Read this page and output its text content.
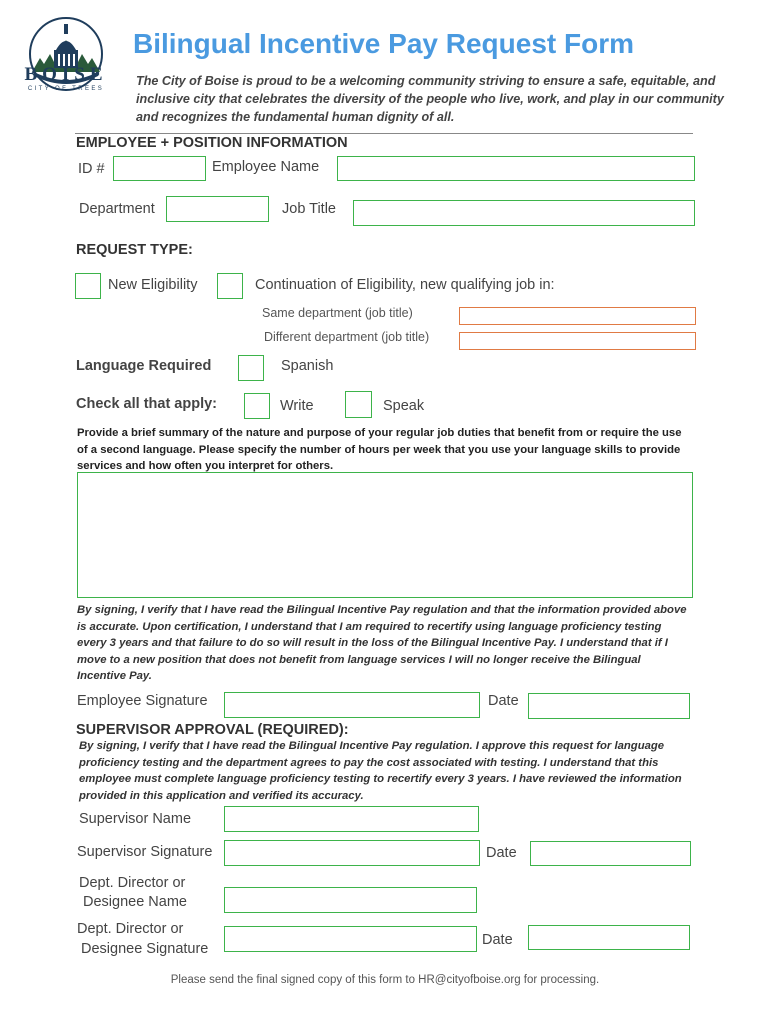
BOISE
CITY OF TREES
Bilingual Incentive Pay Request Form
The City of Boise is proud to be a welcoming community striving to ensure a safe, equitable, and inclusive city that celebrates the diversity of the people who live, work, and play in our community and recognizes the fundamental human dignity of all.
EMPLOYEE + POSITION INFORMATION
ID #	Employee Name
Department	Job Title
REQUEST TYPE:
New Eligibility	Continuation of Eligibility, new qualifying job in:
Same department (job title)
Different department (job title)
Language Required	Spanish
Check all that apply:	Write	Speak
Provide a brief summary of the nature and purpose of your regular job duties that benefit from or require the use of a second language. Please specify the number of hours per week that you use your language skills to provide services and how often you interpret for others.
By signing, I verify that I have read the Bilingual Incentive Pay regulation and that the information provided above is accurate. Upon certification, I understand that I am required to recertify using language proficiency testing every 3 years and that failure to do so will result in the loss of the Bilingual Incentive Pay. I understand that if I move to a new position that does not benefit from language services I will no longer receive the Bilingual Incentive Pay.
Employee Signature	Date
SUPERVISOR APPROVAL (REQUIRED):
By signing, I verify that I have read the Bilingual Incentive Pay regulation. I approve this request for language proficiency testing and the department agrees to pay the cost associated with testing. I understand that this employee must complete language proficiency testing to recertify every 3 years. I have reviewed the information provided in this application and verified its accuracy.
Supervisor Name
Supervisor Signature	Date
Dept. Director or
Designee Name
Dept. Director or
Designee Signature
Date
Please send the final signed copy of this form to HR@cityofboise.org for processing.
